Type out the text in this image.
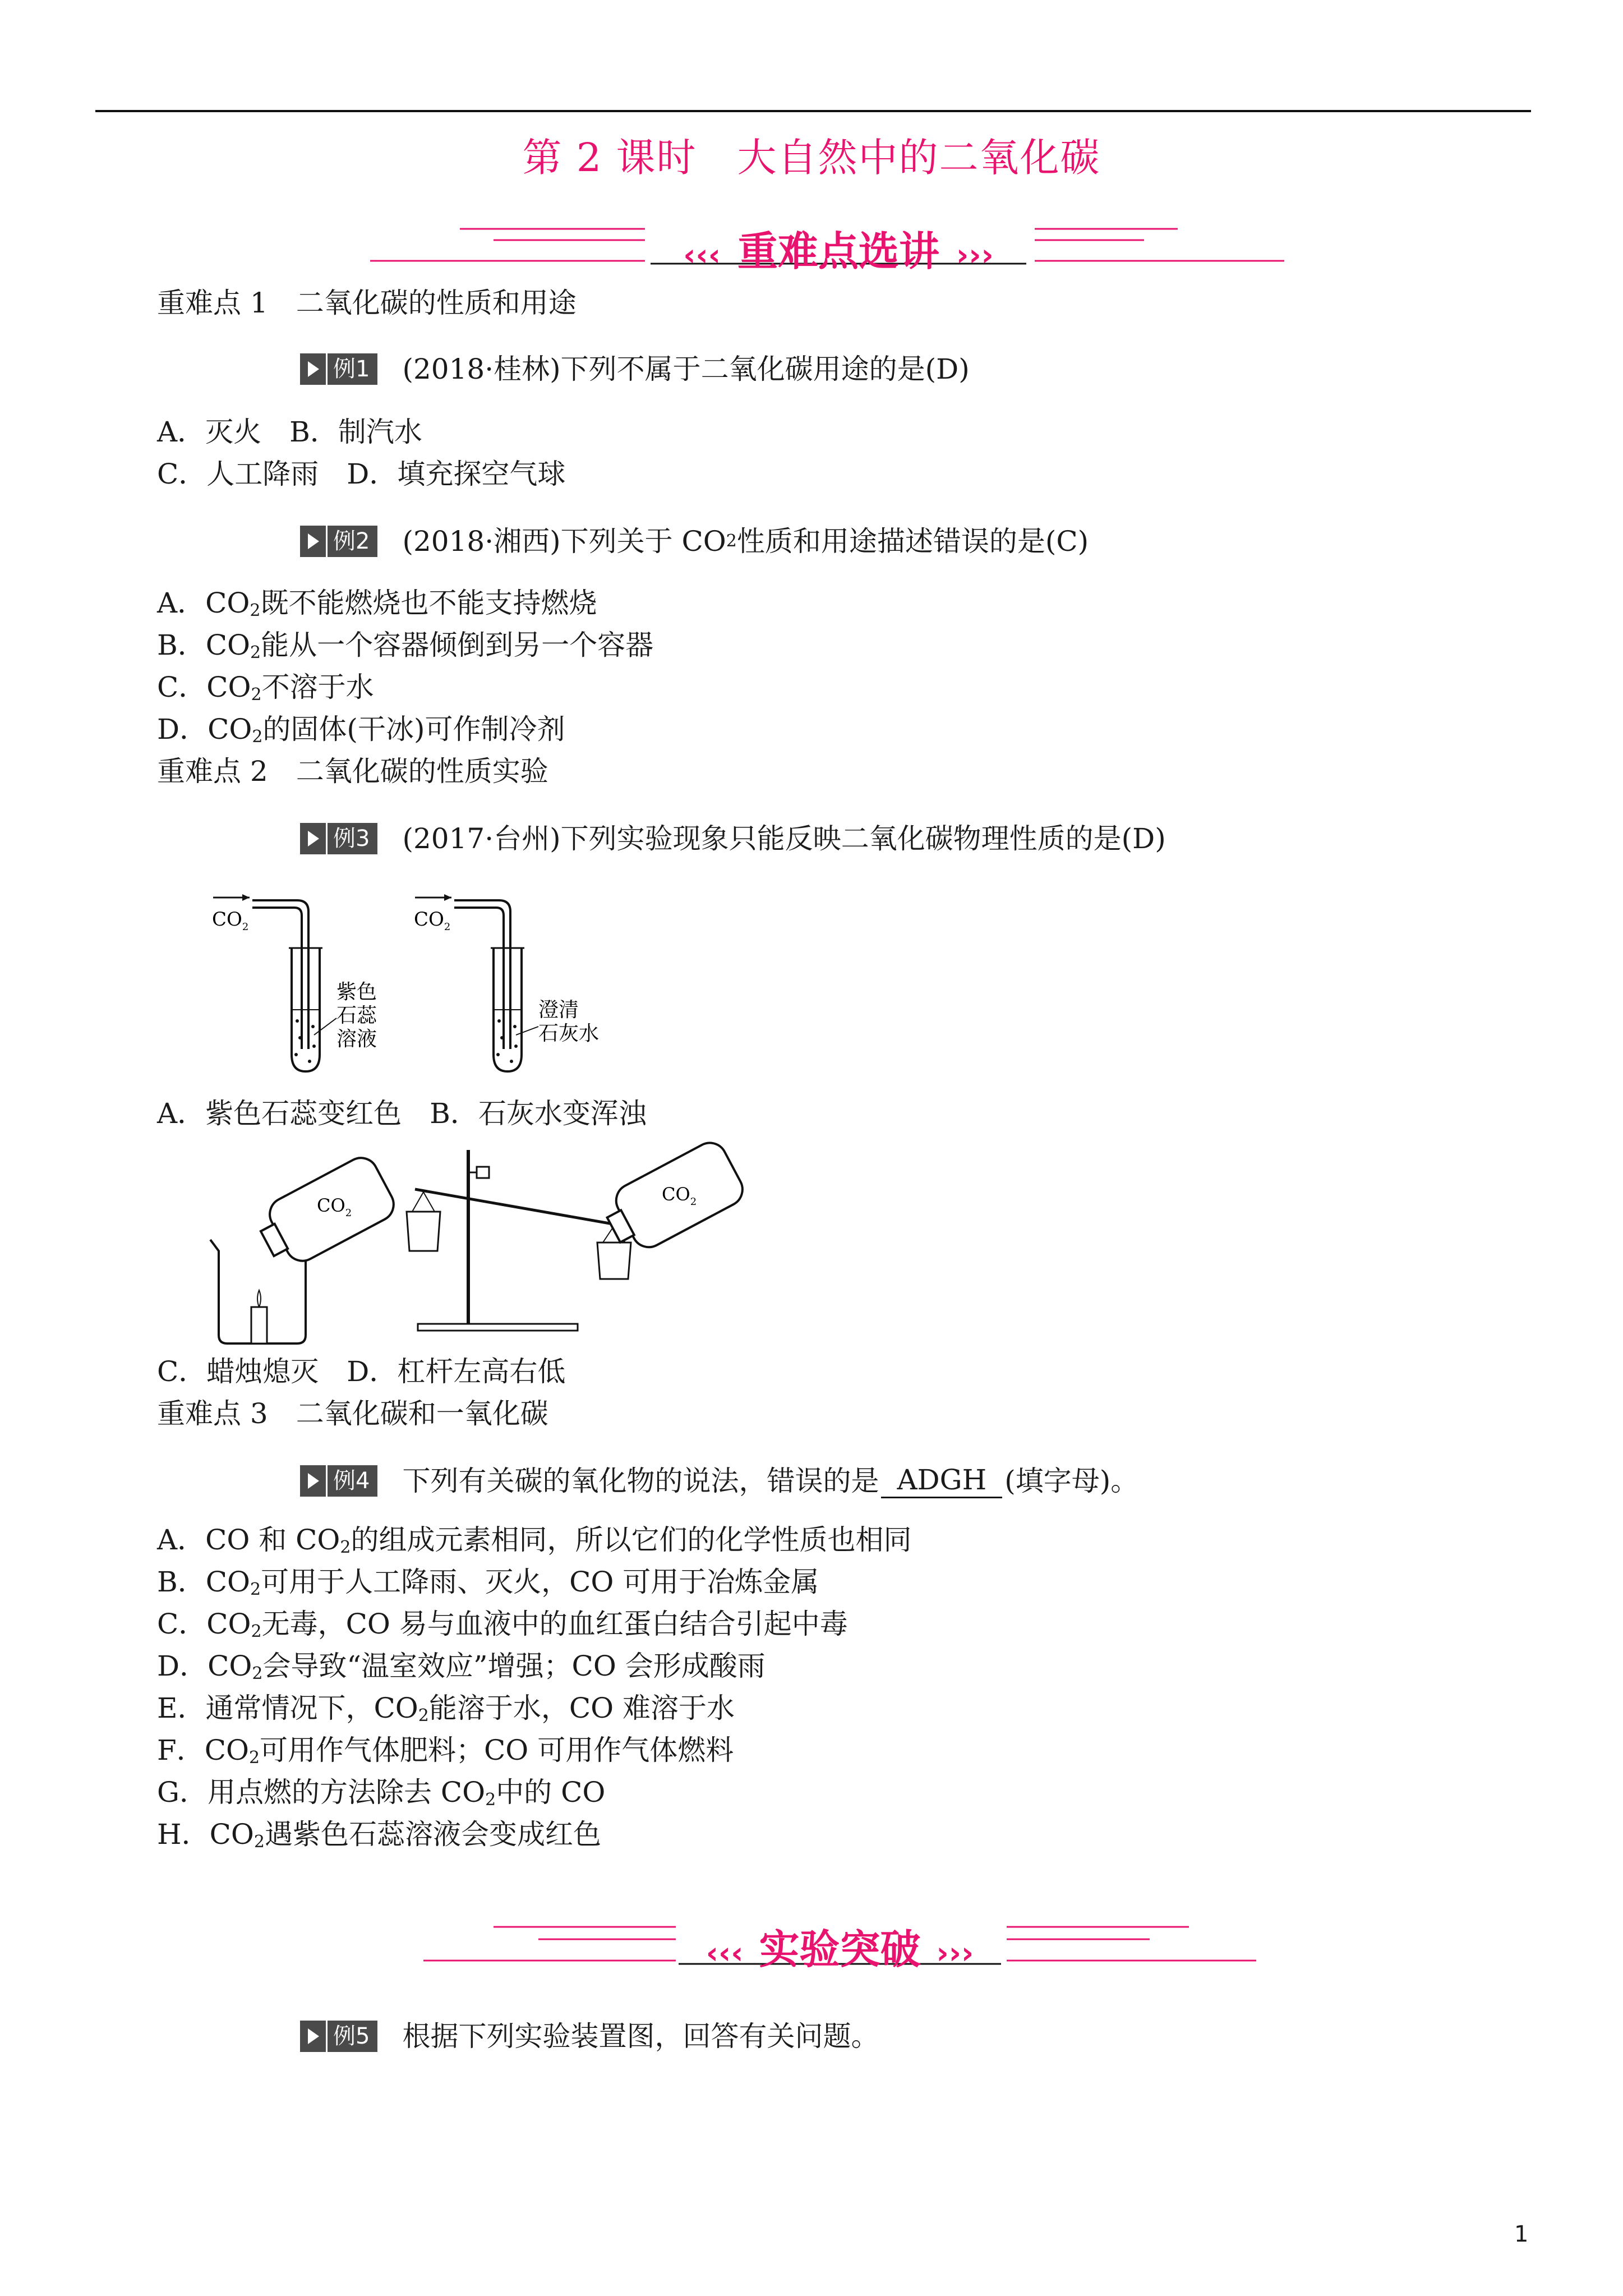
第 2 课时　大自然中的二氧化碳
‹‹‹ 重难点选讲 ›››
重难点 1 二氧化碳的性质和用途
例1 (2018·桂林) 下列不属于二氧化碳用途的是(D)
A．灭火　B．制汽水
C．人工降雨　D．填充探空气球
例2 (2018·湘西) 下列关于 CO 2 性质和用途描述错误的是(C)
A．$CO_2$既不能燃烧也不能支持燃烧
B．$CO_2$能从一个容器倾倒到另一个容器
C．$CO_2$不溶于水
D．$CO_2$的固体(干冰)可作制冷剂
重难点 2 二氧化碳的性质实验
例3 (2017·台州) 下列实验现象只能反映二氧化碳物理性质的是(D)
$CO_2$
紫色
石蕊
溶液
$CO_2$
澄清
石灰水
A．紫色石蕊变红色　B．石灰水变浑浊
$CO_2$
$CO_2$
C．蜡烛熄灭　D．杠杆左高右低
重难点 3 二氧化碳和一氧化碳
例4 下列有关碳的氧化物的说法，错误的是 ADGH (填字母)。
A．CO 和 $CO_2$的组成元素相同，所以它们的化学性质也相同
B．$CO_2$可用于人工降雨、灭火，CO 可用于冶炼金属
C．$CO_2$无毒，CO 易与血液中的血红蛋白结合引起中毒
D．$CO_2$会导致“温室效应”增强；CO 会形成酸雨
E．通常情况下，$CO_2$能溶于水，CO 难溶于水
F．$CO_2$可用作气体肥料；CO 可用作气体燃料
G．用点燃的方法除去 $CO_2$中的 CO
H．$CO_2$遇紫色石蕊溶液会变成红色
‹‹‹ 实验突破 ›››
例5 根据下列实验装置图，回答有关问题。
1
